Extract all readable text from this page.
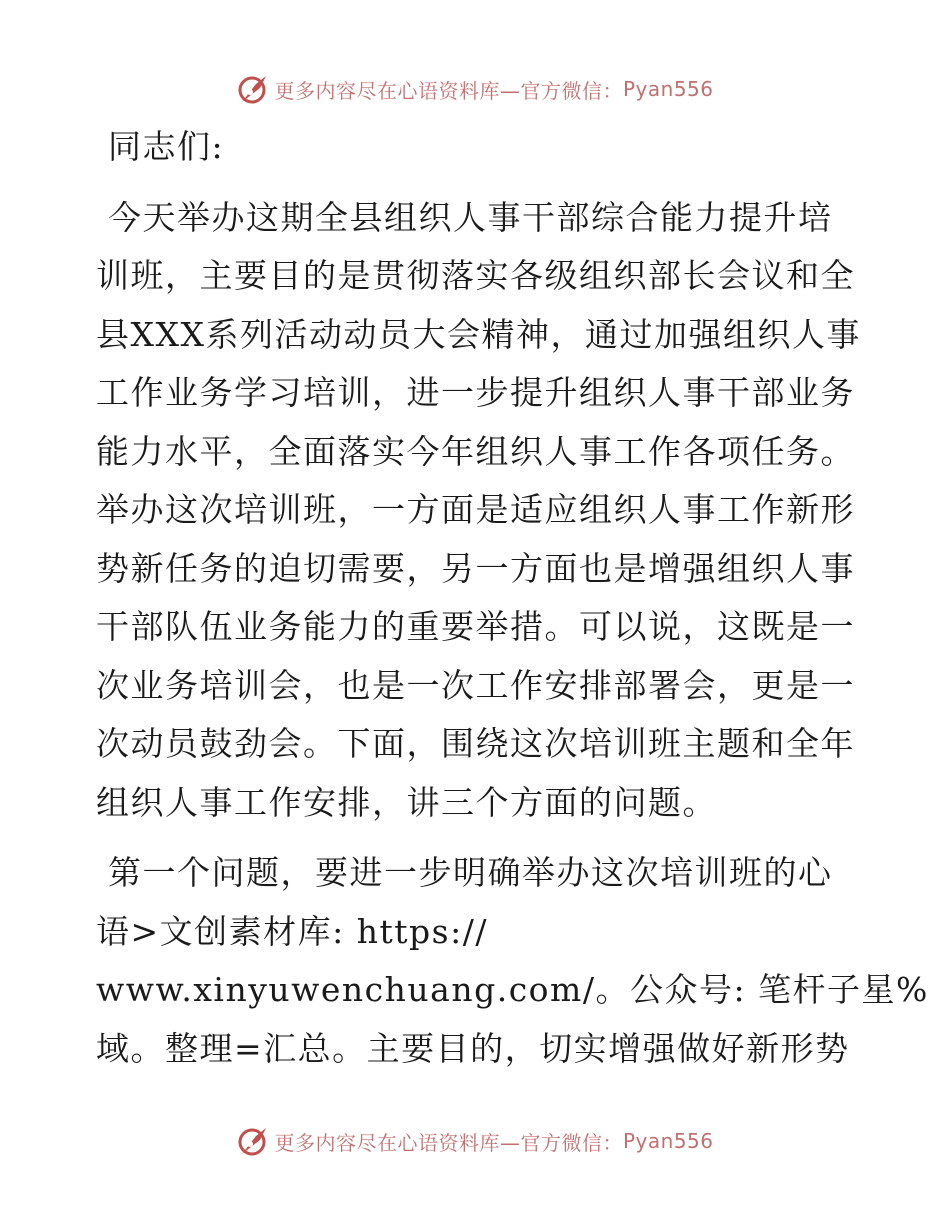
更多内容尽在心语资料库—官方微信： Pyan556
同志们:
今天举办这期全县组织人事干部综合能力提升培
训班，主要目的是贯彻落实各级组织部长会议和全
县XXX系列活动动员大会精神，通过加强组织人事
工作业务学习培训，进一步提升组织人事干部业务
能力水平，全面落实今年组织人事工作各项任务。
举办这次培训班，一方面是适应组织人事工作新形
势新任务的迫切需要，另一方面也是增强组织人事
干部队伍业务能力的重要举措。可以说，这既是一
次业务培训会，也是一次工作安排部署会，更是一
次动员鼓劲会。下面，围绕这次培训班主题和全年
组织人事工作安排，讲三个方面的问题。
第一个问题，要进一步明确举办这次培训班的心
语>文创素材库: https://
www.xinyuwenchuang.com/。公众号: 笔杆子星%
域。整理=汇总。主要目的，切实增强做好新形势
更多内容尽在心语资料库—官方微信： Pyan556
